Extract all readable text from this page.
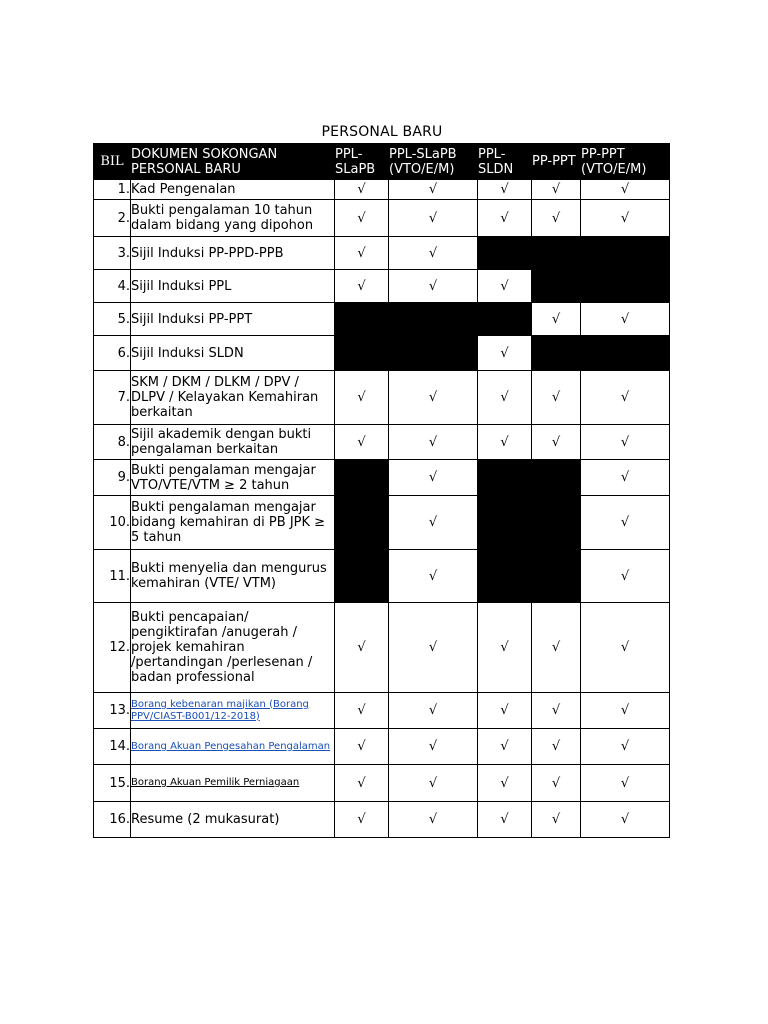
PERSONAL BARU
BIL	DOKUMEN SOKONGAN PERSONAL BARU	PPL-SLaPB	PPL-SLaPB (VTO/E/M)	PPL-SLDN	PP-PPT	PP-PPT (VTO/E/M)
1.	Kad Pengenalan	√	√	√	√	√
2.	Bukti pengalaman 10 tahun dalam bidang yang dipohon	√	√	√	√	√
3.	Sijil Induksi PP-PPD-PPB	√	√			
4.	Sijil Induksi PPL	√	√	√		
5.	Sijil Induksi PP-PPT				√	√
6.	Sijil Induksi SLDN			√		
7.	SKM / DKM / DLKM / DPV / DLPV / Kelayakan Kemahiran berkaitan	√	√	√	√	√
8.	Sijil akademik dengan bukti pengalaman berkaitan	√	√	√	√	√
9.	Bukti pengalaman mengajar VTO/VTE/VTM ≥ 2 tahun		√			√
10.	Bukti pengalaman mengajar bidang kemahiran di PB JPK ≥ 5 tahun		√			√
11.	Bukti menyelia dan mengurus kemahiran (VTE/ VTM)		√			√
12.	Bukti pencapaian/ pengiktirafan /anugerah / projek kemahiran /pertandingan /perlesenan / badan professional	√	√	√	√	√
13.	Borang kebenaran majikan (Borang PPV/CIAST-B001/12-2018)	√	√	√	√	√
14.	Borang Akuan Pengesahan Pengalaman	√	√	√	√	√
15.	Borang Akuan Pemilik Perniagaan	√	√	√	√	√
16.	Resume (2 mukasurat)	√	√	√	√	√
